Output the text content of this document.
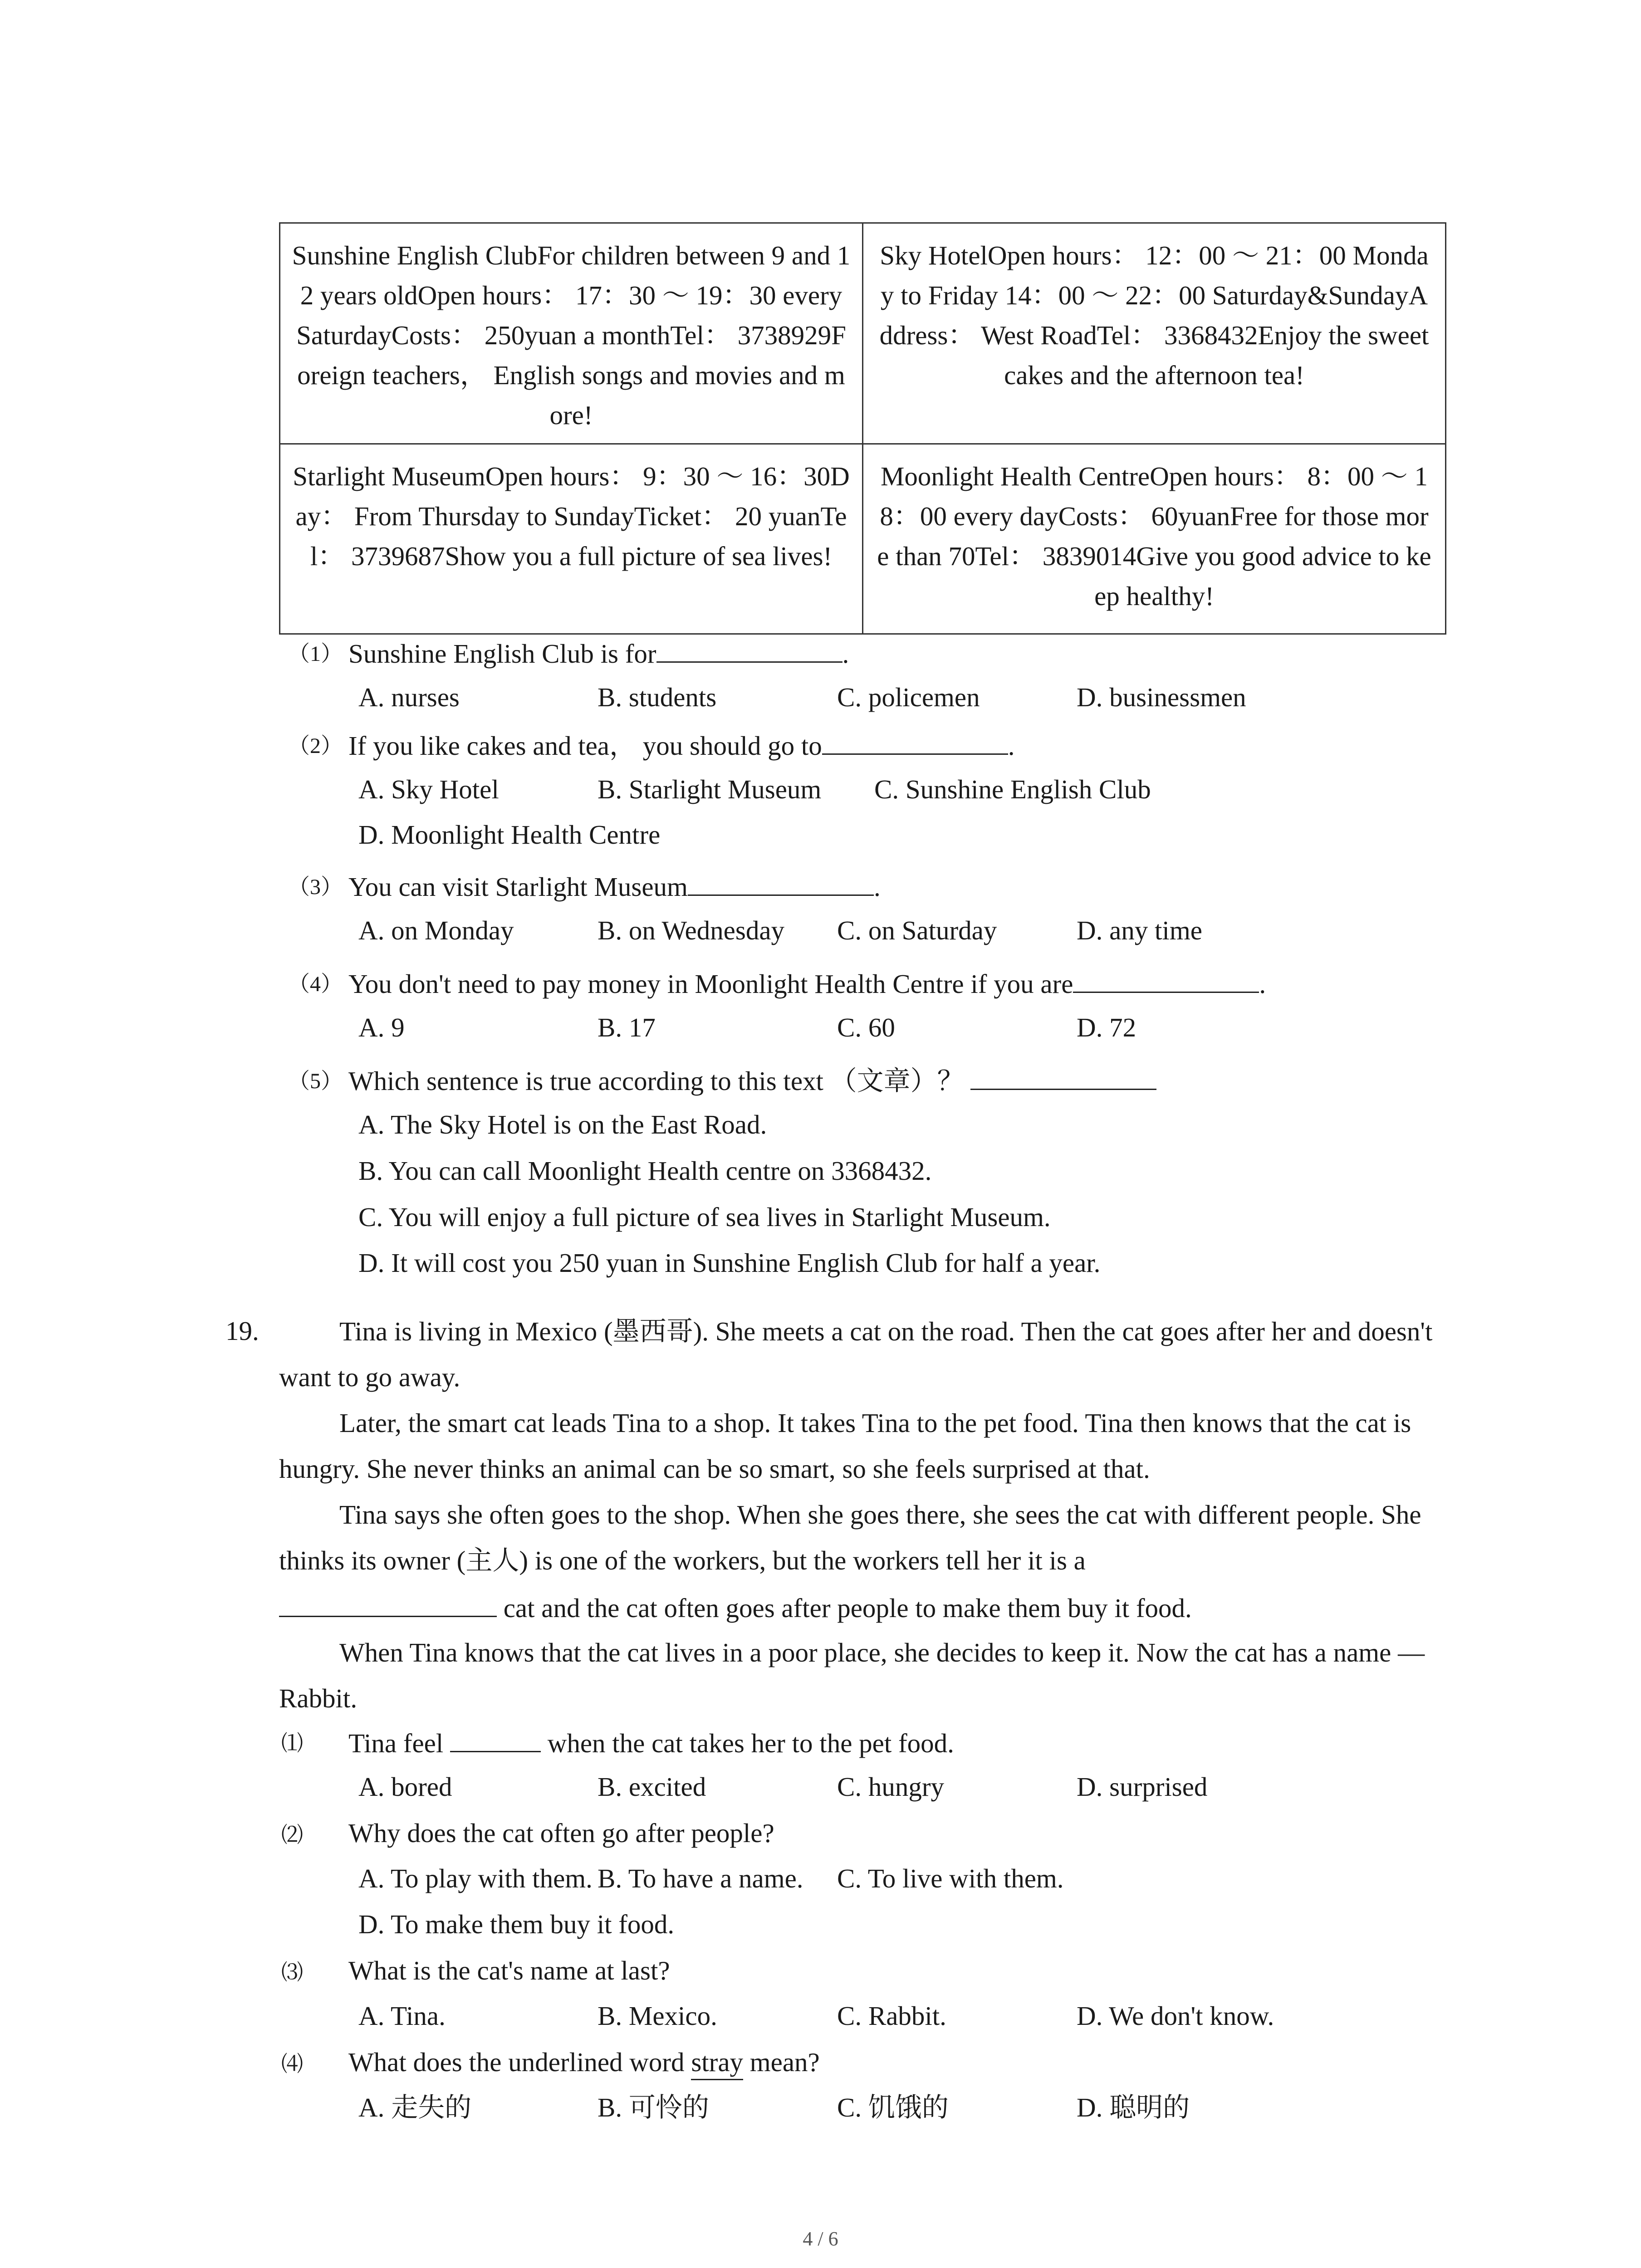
Sunshine English ClubFor children between 9 and 12 years oldOpen hours： 17：30 ～ 19：30 every SaturdayCosts： 250yuan a monthTel： 3738929Foreign teachers， English songs and movies and more!	Sky HotelOpen hours： 12：00 ～ 21：00 Monday to Friday 14：00 ～ 22：00 Saturday&SundayAddress： West RoadTel： 3368432Enjoy the sweet cakes and the afternoon tea!
Starlight MuseumOpen hours： 9：30 ～ 16：30Day： From Thursday to SundayTicket： 20 yuanTel： 3739687Show you a full picture of sea lives!	Moonlight Health CentreOpen hours： 8：00 ～ 18：00 every dayCosts： 60yuanFree for those more than 70Tel： 3839014Give you good advice to keep healthy!
（1） Sunshine English Club is for	.
A. nurses	B. students	C. policemen	D. businessmen
（2） If you like cakes and tea， you should go to	.
A. Sky Hotel	B. Starlight Museum C. Sunshine English Club
D. Moonlight Health Centre
（3） You can visit Starlight Museum	.
A. on Monday	B. on Wednesday C. on Saturday	D. any time
（4） You don't need to pay money in Moonlight Health Centre if you are	.
A. 9	B. 17	C. 60	D. 72
（5） Which sentence is true according to this text （文章）？
A. The Sky Hotel is on the East Road.
B. You can call Moonlight Health centre on 3368432.
C. You will enjoy a full picture of sea lives in Starlight Museum.
D. It will cost you 250 yuan in Sunshine English Club for half a year.
19.	Tina is living in Mexico (墨西哥). She meets a cat on the road. Then the cat goes after her and doesn't want to go away.
Later, the smart cat leads Tina to a shop. It takes Tina to the pet food. Tina then knows that the cat is hungry. She never thinks an animal can be so smart, so she feels surprised at that.
Tina says she often goes to the shop. When she goes there, she sees the cat with different people. She thinks its owner (主人) is one of the workers, but the workers tell her it is a
cat and the cat often goes after people to make them buy it food.
When Tina knows that the cat lives in a poor place, she decides to keep it. Now the cat has a name — Rabbit.
⑴ Tina feel	when the cat takes her to the pet food.
A. bored	B. excited	C. hungry	D. surprised
⑵ Why does the cat often go after people?
A. To play with them. B. To have a name. C. To live with them.
D. To make them buy it food.
⑶ What is the cat's name at last?
A. Tina.	B. Mexico.	C. Rabbit.	D. We don't know.
⑷ What does the underlined word stray mean?
A. 走失的	B. 可怜的	C. 饥饿的	D. 聪明的
4 / 6
